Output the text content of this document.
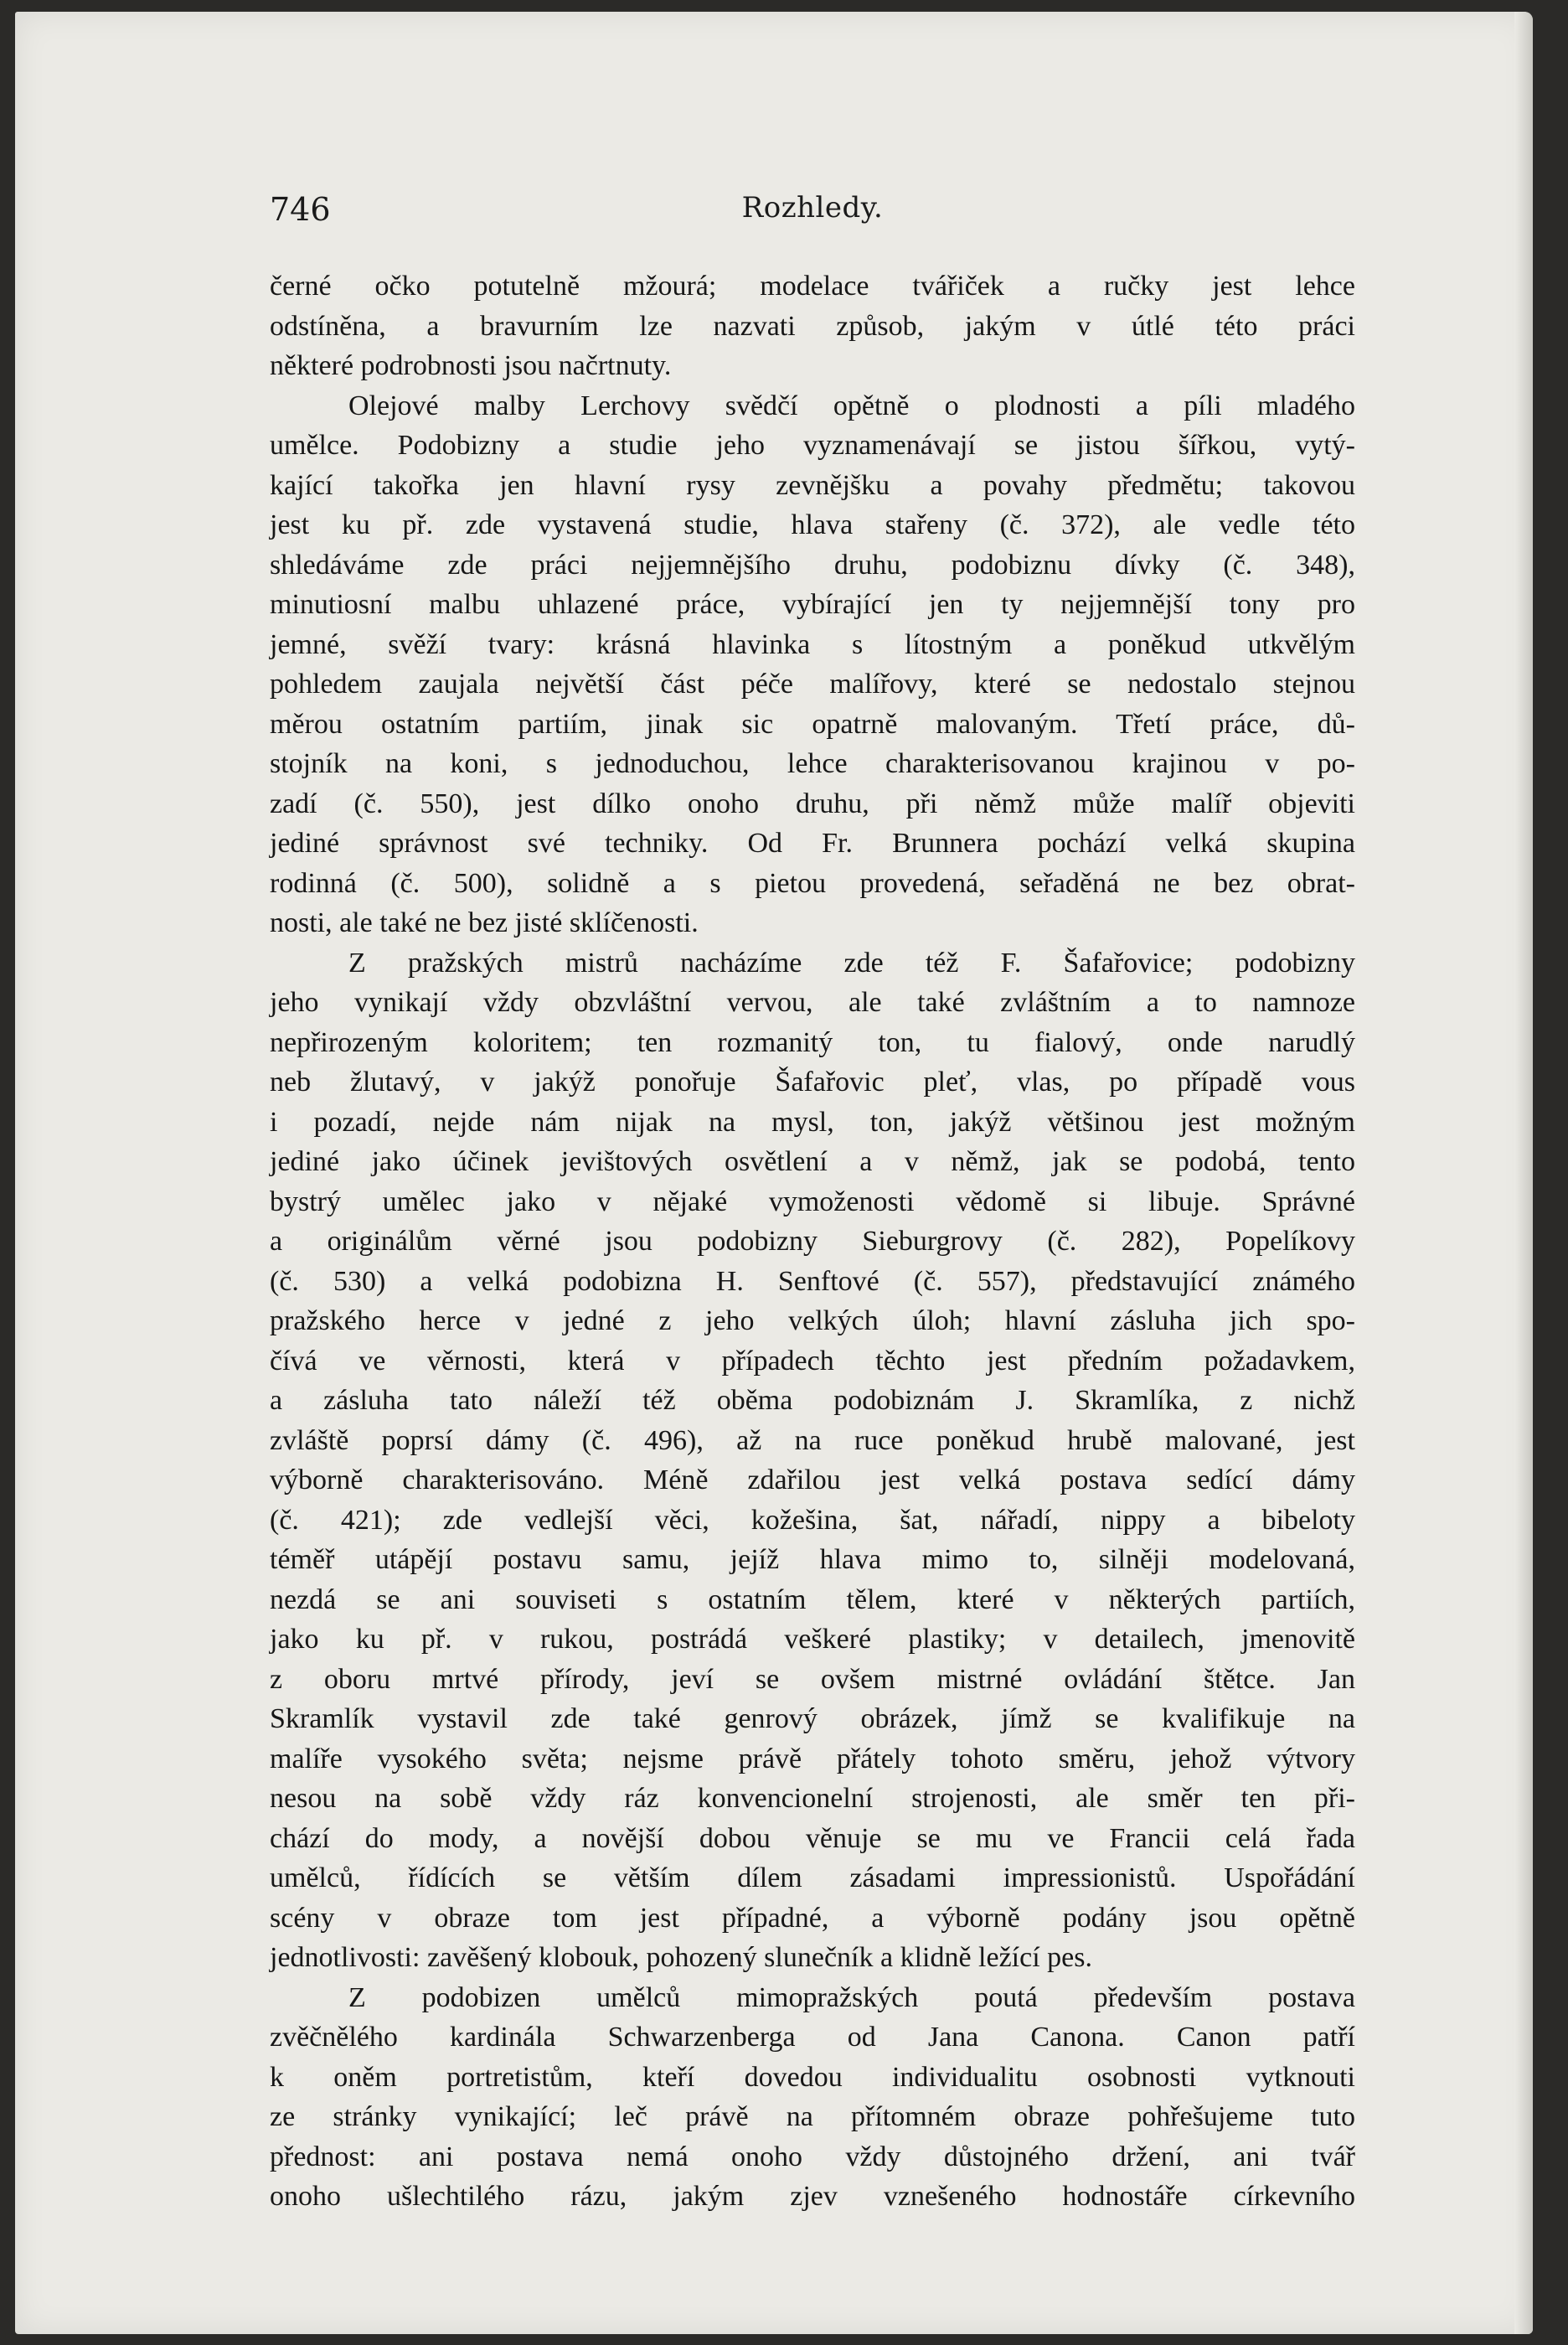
746	Rozhledy.
černé očko potutelně mžourá; modelace tvářiček a ručky jest lehce
odstíněna, a bravurním lze nazvati způsob, jakým v útlé této práci
některé podrobnosti jsou načrtnuty.
Olejové malby Lerchovy svědčí opětně o plodnosti a píli mladého
umělce. Podobizny a studie jeho vyznamenávají se jistou šířkou, vytý-
kající takořka jen hlavní rysy zevnějšku a povahy předmětu; takovou
jest ku př. zde vystavená studie, hlava stařeny (č. 372), ale vedle této
shledáváme zde práci nejjemnějšího druhu, podobiznu dívky (č. 348),
minutiosní malbu uhlazené práce, vybírající jen ty nejjemnější tony pro
jemné, svěží tvary: krásná hlavinka s lítostným a poněkud utkvělým
pohledem zaujala největší část péče malířovy, které se nedostalo stejnou
měrou ostatním partiím, jinak sic opatrně malovaným. Třetí práce, dů-
stojník na koni, s jednoduchou, lehce charakterisovanou krajinou v po-
zadí (č. 550), jest dílko onoho druhu, při němž může malíř objeviti
jediné správnost své techniky. Od Fr. Brunnera pochází velká skupina
rodinná (č. 500), solidně a s pietou provedená, seřaděná ne bez obrat-
nosti, ale také ne bez jisté sklíčenosti.
Z pražských mistrů nacházíme zde též F. Šafařovice; podobizny
jeho vynikají vždy obzvláštní vervou, ale také zvláštním a to namnoze
nepřirozeným koloritem; ten rozmanitý ton, tu fialový, onde narudlý
neb žlutavý, v jakýž ponořuje Šafařovic pleť, vlas, po případě vous
i pozadí, nejde nám nijak na mysl, ton, jakýž většinou jest možným
jediné jako účinek jevištových osvětlení a v němž, jak se podobá, tento
bystrý umělec jako v nějaké vymoženosti vědomě si libuje. Správné
a originálům věrné jsou podobizny Sieburgrovy (č. 282), Popelíkovy
(č. 530) a velká podobizna H. Senftové (č. 557), představující známého
pražského herce v jedné z jeho velkých úloh; hlavní zásluha jich spo-
čívá ve věrnosti, která v případech těchto jest předním požadavkem,
a zásluha tato náleží též oběma podobiznám J. Skramlíka, z nichž
zvláště poprsí dámy (č. 496), až na ruce poněkud hrubě malované, jest
výborně charakterisováno. Méně zdařilou jest velká postava sedící dámy
(č. 421); zde vedlejší věci, kožešina, šat, nářadí, nippy a bibeloty
téměř utápějí postavu samu, jejíž hlava mimo to, silněji modelovaná,
nezdá se ani souviseti s ostatním tělem, které v některých partiích,
jako ku př. v rukou, postrádá veškeré plastiky; v detailech, jmenovitě
z oboru mrtvé přírody, jeví se ovšem mistrné ovládání štětce. Jan
Skramlík vystavil zde také genrový obrázek, jímž se kvalifikuje na
malíře vysokého světa; nejsme právě přátely tohoto směru, jehož výtvory
nesou na sobě vždy ráz konvencionelní strojenosti, ale směr ten při-
chází do mody, a novější dobou věnuje se mu ve Francii celá řada
umělců, řídících se větším dílem zásadami impressionistů. Uspořádání
scény v obraze tom jest případné, a výborně podány jsou opětně
jednotlivosti: zavěšený klobouk, pohozený slunečník a klidně ležící pes.
Z podobizen umělců mimopražských poutá především postava
zvěčnělého kardinála Schwarzenberga od Jana Canona. Canon patří
k oněm portretistům, kteří dovedou individualitu osobnosti vytknouti
ze stránky vynikající; leč právě na přítomném obraze pohřešujeme tuto
přednost: ani postava nemá onoho vždy důstojného držení, ani tvář
onoho ušlechtilého rázu, jakým zjev vznešeného hodnostáře církevního
